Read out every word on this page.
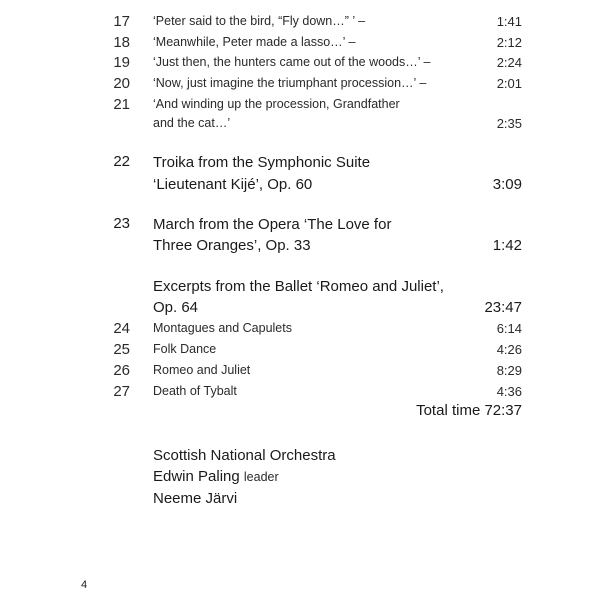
17 ‘Peter said to the bird, “Fly down…” ’ –	1:41
18 ‘Meanwhile, Peter made a lasso…’ –	2:12
19 ‘Just then, the hunters came out of the woods…’ –	2:24
20 ‘Now, just imagine the triumphant procession…’ –	2:01
21 ‘And winding up the procession, Grandfather
and the cat…’	2:35
22 Troika from the Symphonic Suite
‘Lieutenant Kijé’, Op. 60	3:09
23 March from the Opera ‘The Love for
Three Oranges’, Op. 33	1:42
Excerpts from the Ballet ‘Romeo and Juliet’,
Op. 64	23:47
24 Montagues and Capulets	6:14
25 Folk Dance	4:26
26 Romeo and Juliet	8:29
27 Death of Tybalt	4:36
Total time 72:37
Scottish National Orchestra
Edwin Paling leader
Neeme Järvi
4
